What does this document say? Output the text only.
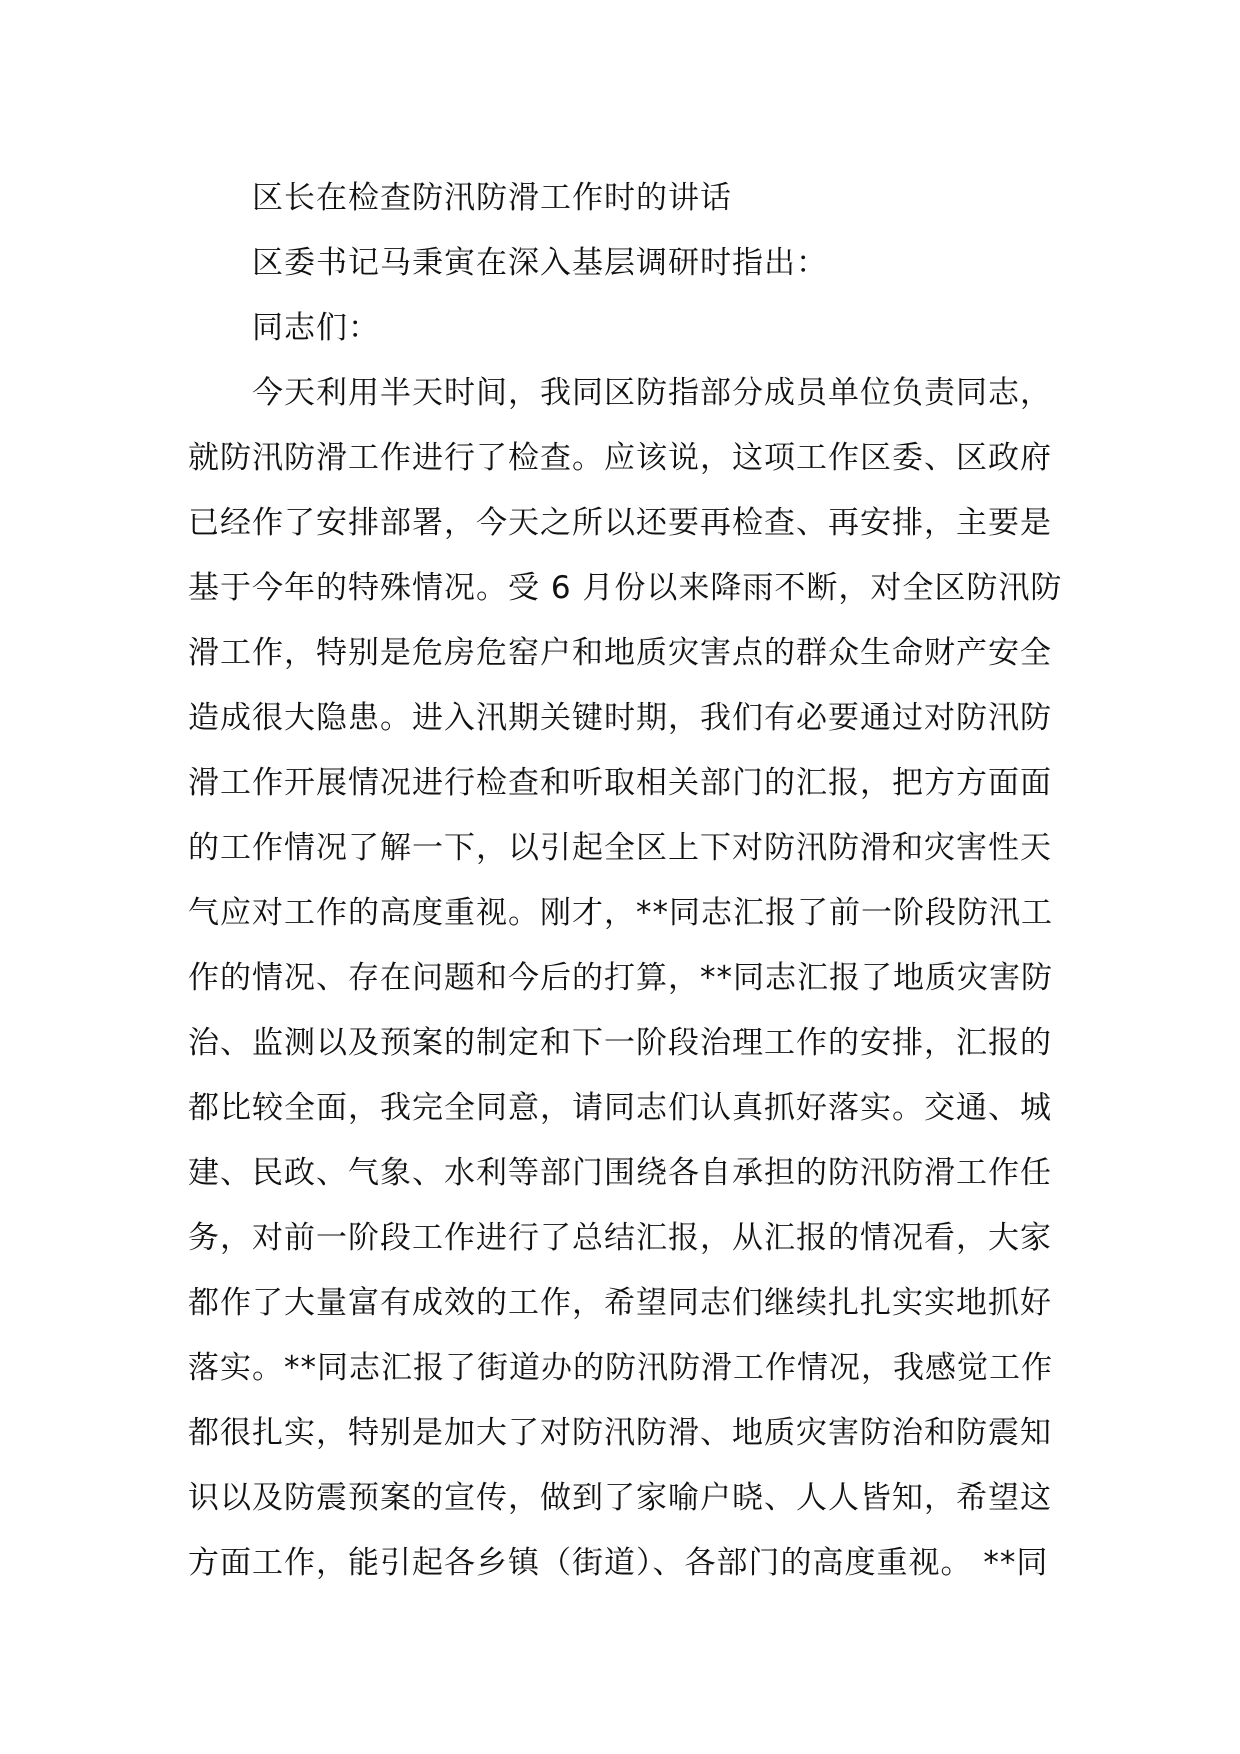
区长在检查防汛防滑工作时的讲话
区委书记马秉寅在深入基层调研时指出：
同志们：
今天利用半天时间，我同区防指部分成员单位负责同志，
就防汛防滑工作进行了检查。应该说，这项工作区委、区政府
已经作了安排部署，今天之所以还要再检查、再安排，主要是
基于今年的特殊情况。受 6 月份以来降雨不断，对全区防汛防
滑工作，特别是危房危窑户和地质灾害点的群众生命财产安全
造成很大隐患。进入汛期关键时期，我们有必要通过对防汛防
滑工作开展情况进行检查和听取相关部门的汇报，把方方面面
的工作情况了解一下，以引起全区上下对防汛防滑和灾害性天
气应对工作的高度重视。刚才，**同志汇报了前一阶段防汛工
作的情况、存在问题和今后的打算，**同志汇报了地质灾害防
治、监测以及预案的制定和下一阶段治理工作的安排，汇报的
都比较全面，我完全同意，请同志们认真抓好落实。交通、城
建、民政、气象、水利等部门围绕各自承担的防汛防滑工作任
务，对前一阶段工作进行了总结汇报，从汇报的情况看，大家
都作了大量富有成效的工作，希望同志们继续扎扎实实地抓好
落实。**同志汇报了街道办的防汛防滑工作情况，我感觉工作
都很扎实，特别是加大了对防汛防滑、地质灾害防治和防震知
识以及防震预案的宣传，做到了家喻户晓、人人皆知，希望这
方面工作，能引起各乡镇（街道）、各部门的高度重视。 **同
